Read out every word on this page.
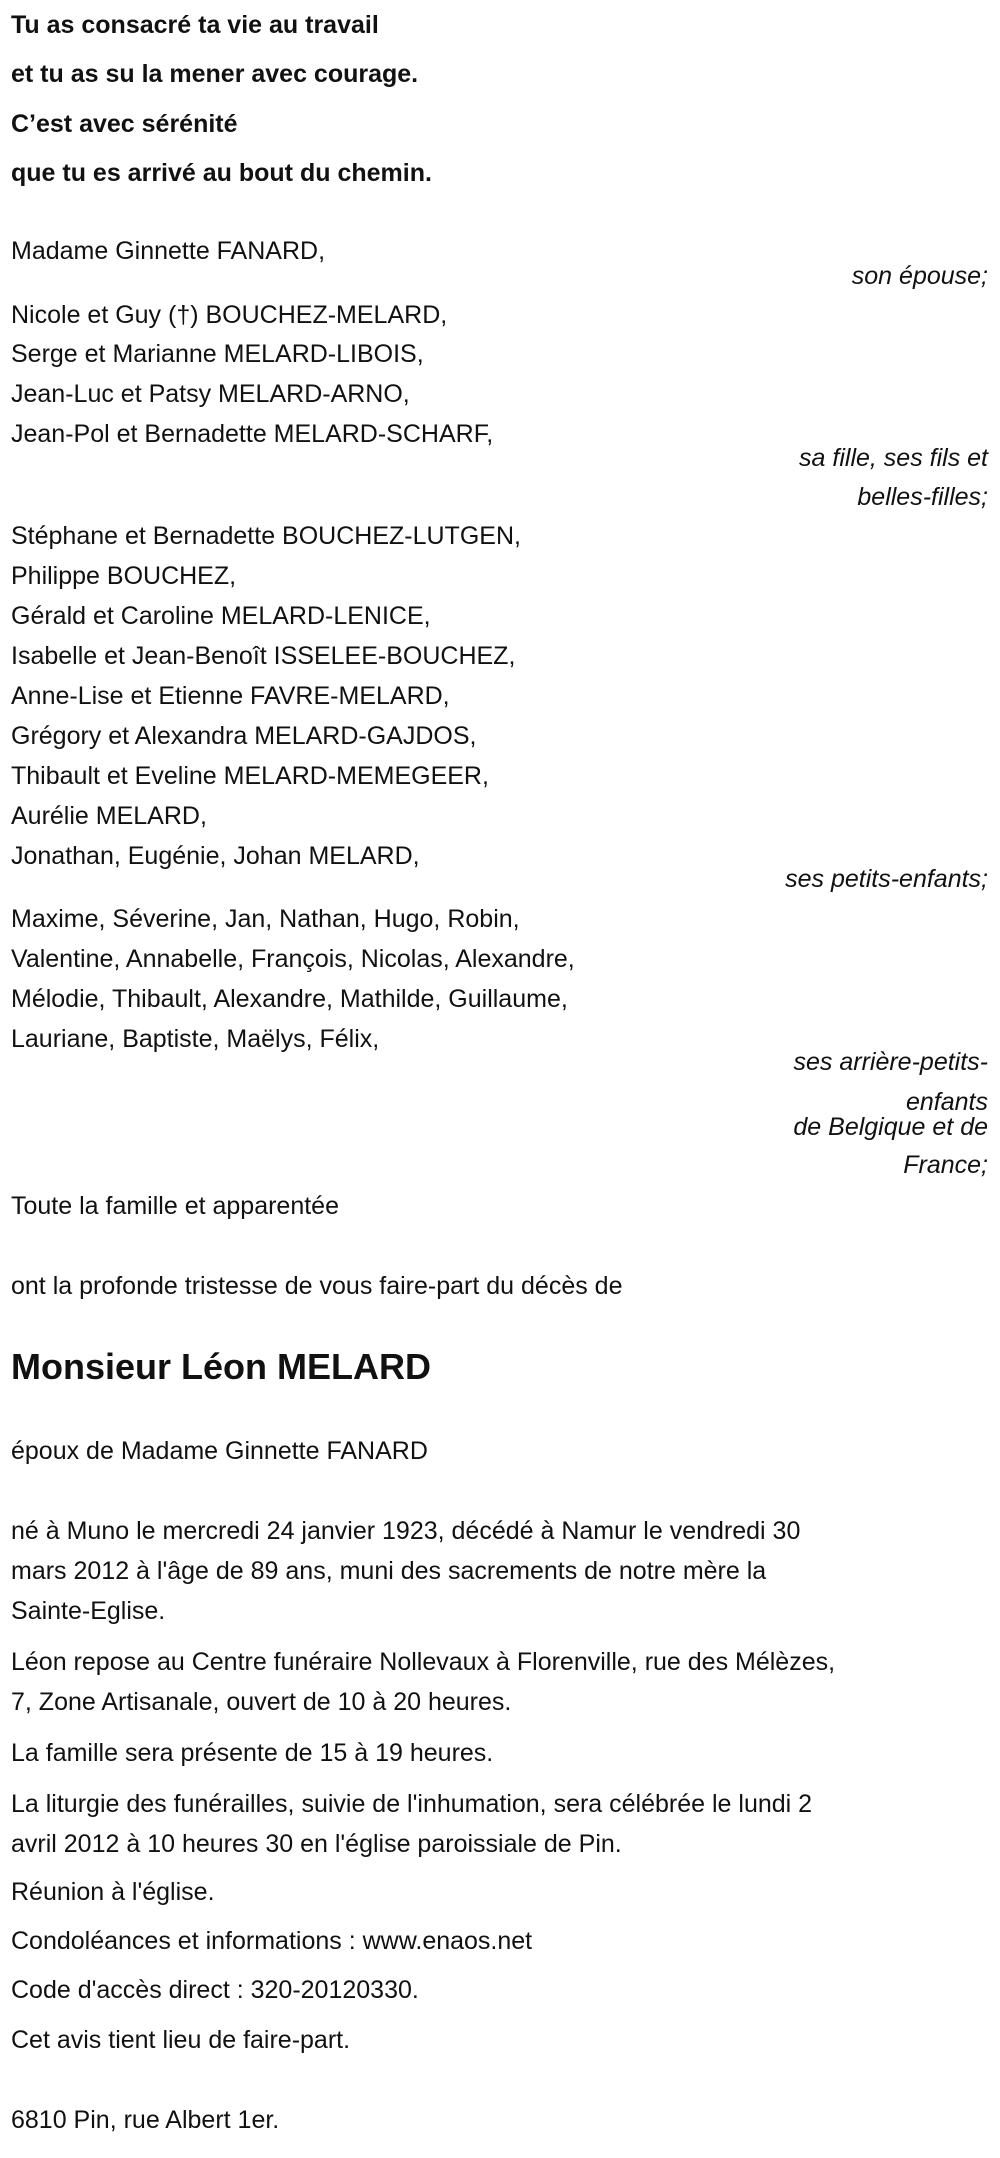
Tu as consacré ta vie au travail
et tu as su la mener avec courage.
C’est avec sérénité
que tu es arrivé au bout du chemin.
Madame Ginnette FANARD,
son épouse;
Nicole et Guy (†) BOUCHEZ-MELARD,
Serge et Marianne MELARD-LIBOIS,
Jean-Luc et Patsy MELARD-ARNO,
Jean-Pol et Bernadette MELARD-SCHARF,
sa fille, ses fils et
belles-filles;
Stéphane et Bernadette BOUCHEZ-LUTGEN,
Philippe BOUCHEZ,
Gérald et Caroline MELARD-LENICE,
Isabelle et Jean-Benoît ISSELEE-BOUCHEZ,
Anne-Lise et Etienne FAVRE-MELARD,
Grégory et Alexandra MELARD-GAJDOS,
Thibault et Eveline MELARD-MEMEGEER,
Aurélie MELARD,
Jonathan, Eugénie, Johan MELARD,
ses petits-enfants;
Maxime, Séverine, Jan, Nathan, Hugo, Robin,
Valentine, Annabelle, François, Nicolas, Alexandre,
Mélodie, Thibault, Alexandre, Mathilde, Guillaume,
Lauriane, Baptiste, Maëlys, Félix,
ses arrière-petits-
enfants
de Belgique et de
France;
Toute la famille et apparentée
ont la profonde tristesse de vous faire-part du décès de
Monsieur Léon MELARD
époux de Madame Ginnette FANARD
né à Muno le mercredi 24 janvier 1923, décédé à Namur le vendredi 30
mars 2012 à l'âge de 89 ans, muni des sacrements de notre mère la
Sainte-Eglise.
Léon repose au Centre funéraire Nollevaux à Florenville, rue des Mélèzes,
7, Zone Artisanale, ouvert de 10 à 20 heures.
La famille sera présente de 15 à 19 heures.
La liturgie des funérailles, suivie de l'inhumation, sera célébrée le lundi 2
avril 2012 à 10 heures 30 en l'église paroissiale de Pin.
Réunion à l'église.
Condoléances et informations : www.enaos.net
Code d'accès direct : 320-20120330.
Cet avis tient lieu de faire-part.
6810 Pin, rue Albert 1er.
